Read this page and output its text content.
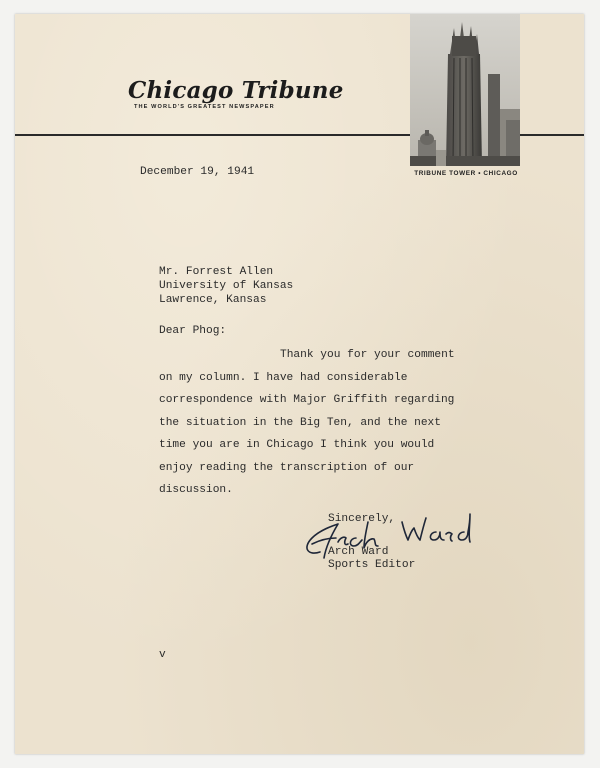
Chicago Tribune
THE WORLD'S GREATEST NEWSPAPER
TRIBUNE TOWER • CHICAGO
December 19, 1941
Mr. Forrest Allen
University of Kansas
Lawrence, Kansas
Dear Phog:
Thank you for your comment
on my column. I have had considerable
correspondence with Major Griffith regarding
the situation in the Big Ten, and the next
time you are in Chicago I think you would
enjoy reading the transcription of our
discussion.
Sincerely,
Arch Ward
Sports Editor
v
